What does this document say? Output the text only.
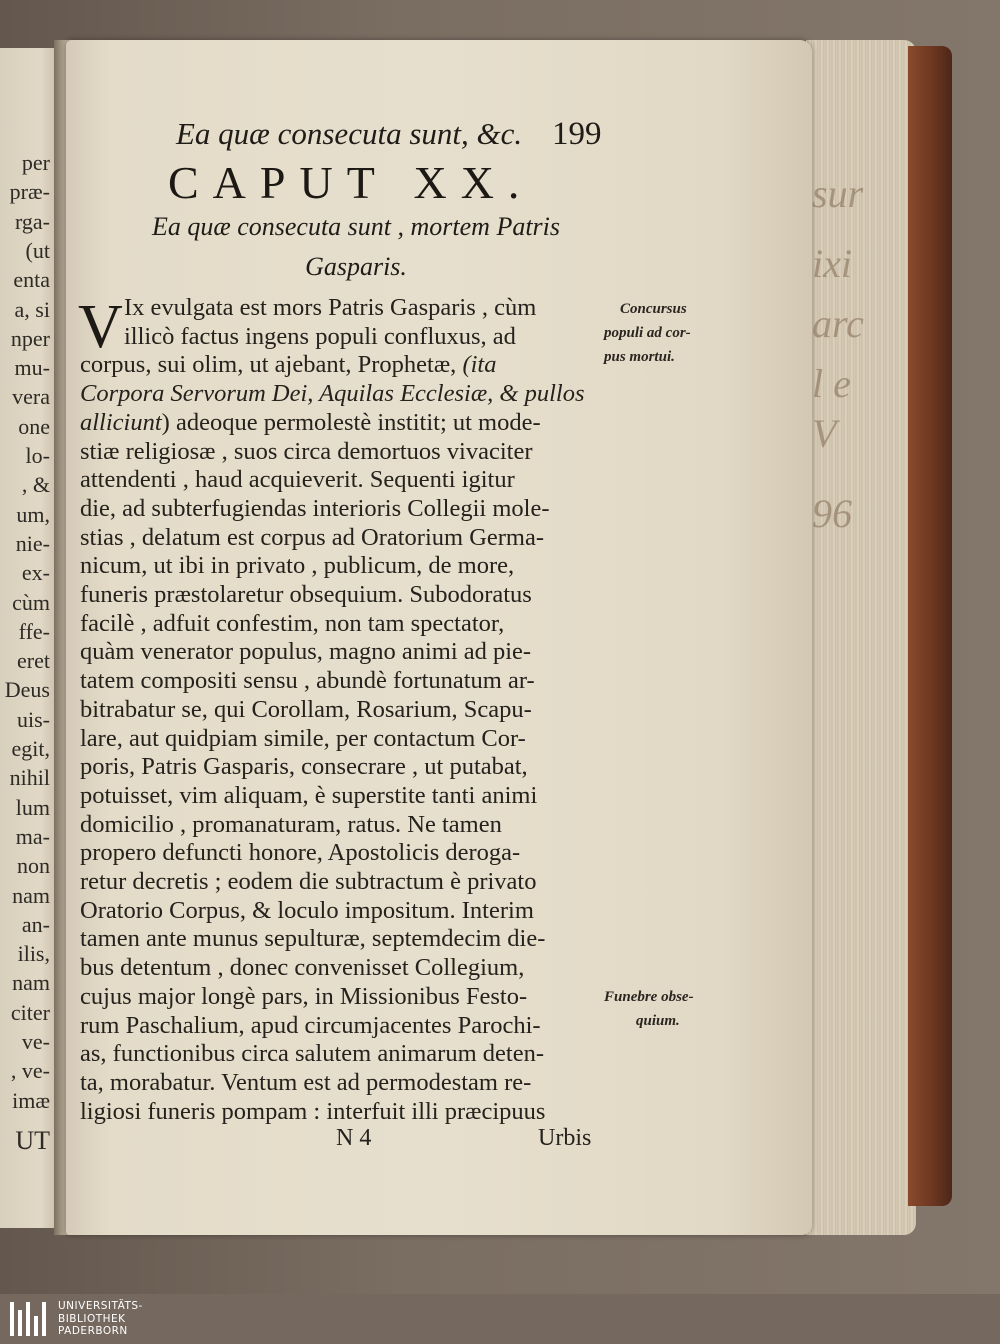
per
præ-
rga-
(ut
enta
a, si
nper
mu-
vera
one
lo-
, &
um,
nie-
ex-
cùm
ffe-
eret
Deus
uis-
egit,
nihil
lum
ma-
non
nam
an-
ilis,
nam
citer
ve-
, ve-
imæ
UT
sur
ixi
arc
l e
V
96
Ea quæ consecuta sunt, &c. 199
CAPUT XX.
Ea quæ consecuta sunt , mortem Patris
Gasparis.
V Ix evulgata est mors Patris Gasparis , cùm
illicò factus ingens populi confluxus, ad
corpus, sui olim, ut ajebant, Prophetæ, (ita
Corpora Servorum Dei, Aquilas Ecclesiæ, & pullos
alliciunt) adeoque permolestè institit; ut mode-
stiæ religiosæ , suos circa demortuos vivaciter
attendenti , haud acquieverit. Sequenti igitur
die, ad subterfugiendas interioris Collegii mole-
stias , delatum est corpus ad Oratorium Germa-
nicum, ut ibi in privato , publicum, de more,
funeris præstolaretur obsequium. Subodoratus
facilè , adfuit confestim, non tam spectator,
quàm venerator populus, magno animi ad pie-
tatem compositi sensu , abundè fortunatum ar-
bitrabatur se, qui Corollam, Rosarium, Scapu-
lare, aut quidpiam simile, per contactum Cor-
poris, Patris Gasparis, consecrare , ut putabat,
potuisset, vim aliquam, è superstite tanti animi
domicilio , promanaturam, ratus. Ne tamen
propero defuncti honore, Apostolicis deroga-
retur decretis ; eodem die subtractum è privato
Oratorio Corpus, & loculo impositum. Interim
tamen ante munus sepulturæ, septemdecim die-
bus detentum , donec convenisset Collegium,
cujus major longè pars, in Missionibus Festo-
rum Paschalium, apud circumjacentes Parochi-
as, functionibus circa salutem animarum deten-
ta, morabatur. Ventum est ad permodestam re-
ligiosi funeris pompam : interfuit illi præcipuus
Concursus
populi ad cor-
pus mortui.
Funebre obse-
quium.
N 4	Urbis
UNIVERSITÄTS-
BIBLIOTHEK
PADERBORN
